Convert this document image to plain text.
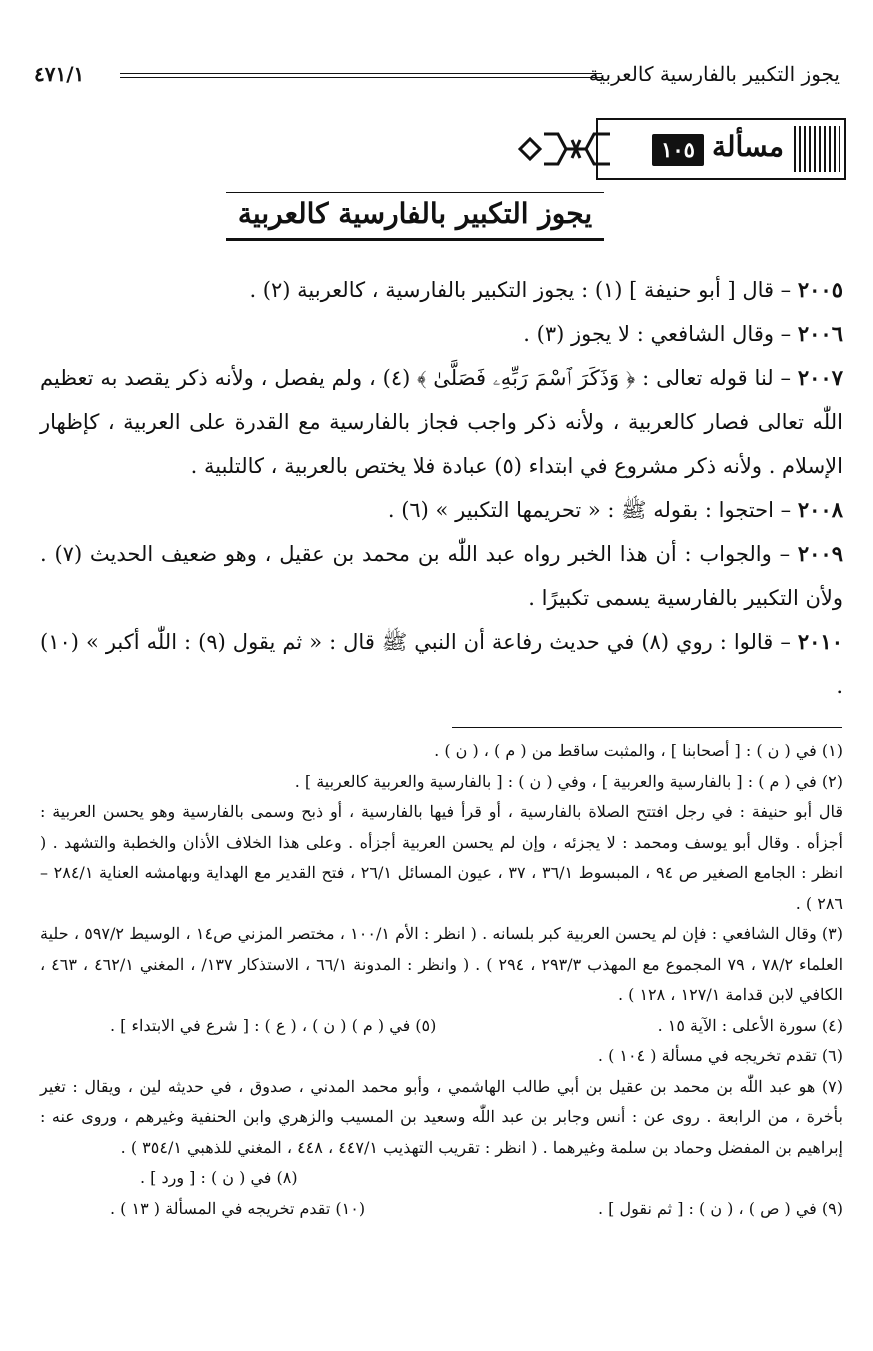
يجوز التكبير بالفارسية كالعربية
٤٧١/١
مسألة
١٠٥
يجوز التكبير بالفارسية كالعربية

٢٠٠٥ – قال [ أبو حنيفة ] (١) : يجوز التكبير بالفارسية ، كالعربية (٢) .

٢٠٠٦ – وقال الشافعي : لا يجوز (٣) .

٢٠٠٧ – لنا قوله تعالى : ﴿ وَذَكَرَ ٱسْمَ رَبِّهِۦ فَصَلَّىٰ ﴾ (٤) ، ولم يفصل ، ولأنه ذكر يقصد به تعظيم اللّٰه تعالى فصار كالعربية ، ولأنه ذكر واجب فجاز بالفارسية مع القدرة على العربية ، كإظهار الإسلام . ولأنه ذكر مشروع في ابتداء (٥) عبادة فلا يختص بالعربية ، كالتلبية .

٢٠٠٨ – احتجوا : بقوله ﷺ : « تحريمها التكبير » (٦) .

٢٠٠٩ – والجواب : أن هذا الخبر رواه عبد اللّٰه بن محمد بن عقيل ، وهو ضعيف الحديث (٧) . ولأن التكبير بالفارسية يسمى تكبيرًا .

٢٠١٠ – قالوا : روي (٨) في حديث رفاعة أن النبي ﷺ قال : « ثم يقول (٩) : اللّٰه أكبر » (١٠) .

(١) في ( ن ) : [ أصحابنا ] ، والمثبت ساقط من ( م ) ، ( ن ) .

(٢) في ( م ) : [ بالفارسية والعربية ] ، وفي ( ن ) : [ بالفارسية والعربية كالعربية ] .

قال أبو حنيفة : في رجل افتتح الصلاة بالفارسية ، أو قرأ فيها بالفارسية ، أو ذبح وسمى بالفارسية وهو يحسن العربية : أجزأه . وقال أبو يوسف ومحمد : لا يجزئه ، وإن لم يحسن العربية أجزأه . وعلى هذا الخلاف الأذان والخطبة والتشهد . ( انظر : الجامع الصغير ص ٩٤ ، المبسوط ٣٦/١ ، ٣٧ ، عيون المسائل ٢٦/١ ، فتح القدير مع الهداية وبهامشه العناية ٢٨٤/١ – ٢٨٦ ) .

(٣) وقال الشافعي : فإن لم يحسن العربية كبر بلسانه . ( انظر : الأم ١٠٠/١ ، مختصر المزني ص١٤ ، الوسيط ٥٩٧/٢ ، حلية العلماء ٧٨/٢ ، ٧٩ المجموع مع المهذب ٢٩٣/٣ ، ٢٩٤ ) . ( وانظر : المدونة ٦٦/١ ، الاستذكار ١٣٧/ ، المغني ٤٦٢/١ ، ٤٦٣ ، الكافي لابن قدامة ١٢٧/١ ، ١٢٨ ) .

(٤) سورة الأعلى : الآية ١٥ .
(٥) في ( م ) ( ن ) ، ( ع ) : [ شرع في الابتداء ] .

(٦) تقدم تخريجه في مسألة ( ١٠٤ ) .

(٧) هو عبد اللّٰه بن محمد بن عقيل بن أبي طالب الهاشمي ، وأبو محمد المدني ، صدوق ، في حديثه لين ، ويقال : تغير بأخرة ، من الرابعة . روى عن : أنس وجابر بن عبد اللّٰه وسعيد بن المسيب والزهري وابن الحنفية وغيرهم ، وروى عنه : إبراهيم بن المفضل وحماد بن سلمة وغيرهما . ( انظر : تقريب التهذيب ٤٤٧/١ ، ٤٤٨ ، المغني للذهبي ٣٥٤/١ ) .

(٨) في ( ن ) : [ ورد ] .
(٩) في ( ص ) ، ( ن ) : [ ثم نقول ] .
(١٠) تقدم تخريجه في المسألة ( ١٣ ) .
